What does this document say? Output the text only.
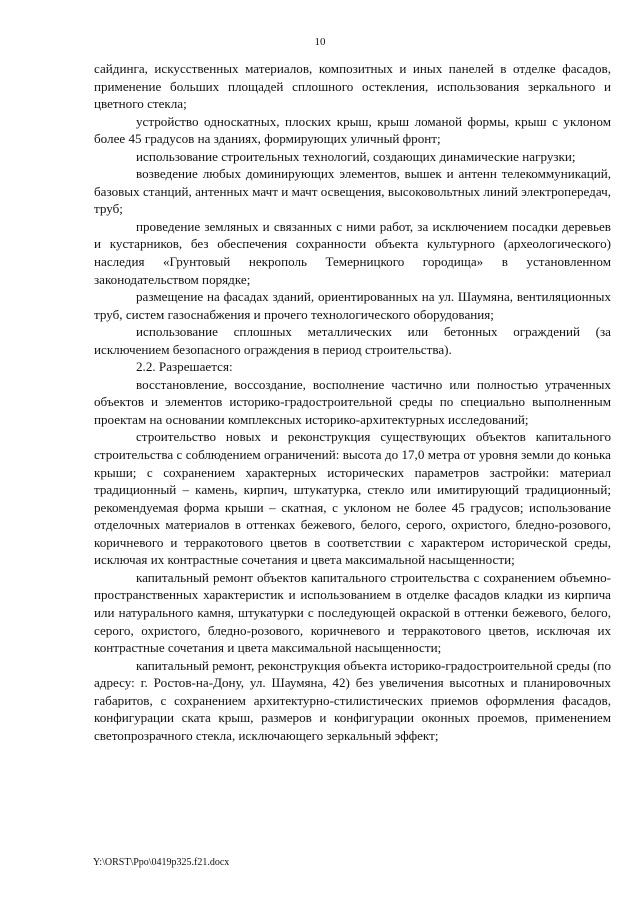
10

сайдинга, искусственных материалов, композитных и иных панелей в отделке фасадов, применение больших площадей сплошного остекления, использования зеркального и цветного стекла;

устройство односкатных, плоских крыш, крыш ломаной формы, крыш с уклоном более 45 градусов на зданиях, формирующих уличный фронт;

использование строительных технологий, создающих динамические нагрузки;

возведение любых доминирующих элементов, вышек и антенн телекоммуникаций, базовых станций, антенных мачт и мачт освещения, высоковольтных линий электропередач, труб;

проведение земляных и связанных с ними работ, за исключением посадки деревьев и кустарников, без обеспечения сохранности объекта культурного (археологического) наследия «Грунтовый некрополь Темерницкого городища» в установленном законодательством порядке;

размещение на фасадах зданий, ориентированных на ул. Шаумяна, вентиляционных труб, систем газоснабжения и прочего технологического оборудования;

использование сплошных металлических или бетонных ограждений (за исключением безопасного ограждения в период строительства).

2.2. Разрешается:

восстановление, воссоздание, восполнение частично или полностью утраченных объектов и элементов историко-градостроительной среды по специально выполненным проектам на основании комплексных историко-архитектурных исследований;

строительство новых и реконструкция существующих объектов капитального строительства с соблюдением ограничений: высота до 17,0 метра от уровня земли до конька крыши; с сохранением характерных исторических параметров застройки: материал традиционный – камень, кирпич, штукатурка, стекло или имитирующий традиционный; рекомендуемая форма крыши – скатная, с уклоном не более 45 градусов; использование отделочных материалов в оттенках бежевого, белого, серого, охристого, бледно-розового, коричневого и терракотового цветов в соответствии с характером исторической среды, исключая их контрастные сочетания и цвета максимальной насыщенности;

капитальный ремонт объектов капитального строительства с сохранением объемно-пространственных характеристик и использованием в отделке фасадов кладки из кирпича или натурального камня, штукатурки с последующей окраской в оттенки бежевого, белого, серого, охристого, бледно-розового, коричневого и терракотового цветов, исключая их контрастные сочетания и цвета максимальной насыщенности;

капитальный ремонт, реконструкция объекта историко-градостроительной среды (по адресу: г. Ростов-на-Дону, ул. Шаумяна, 42) без увеличения высотных и планировочных габаритов, с сохранением архитектурно-стилистических приемов оформления фасадов, конфигурации ската крыш, размеров и конфигурации оконных проемов, применением светопрозрачного стекла, исключающего зеркальный эффект;

Y:\ORST\Ppo\0419p325.f21.docx
